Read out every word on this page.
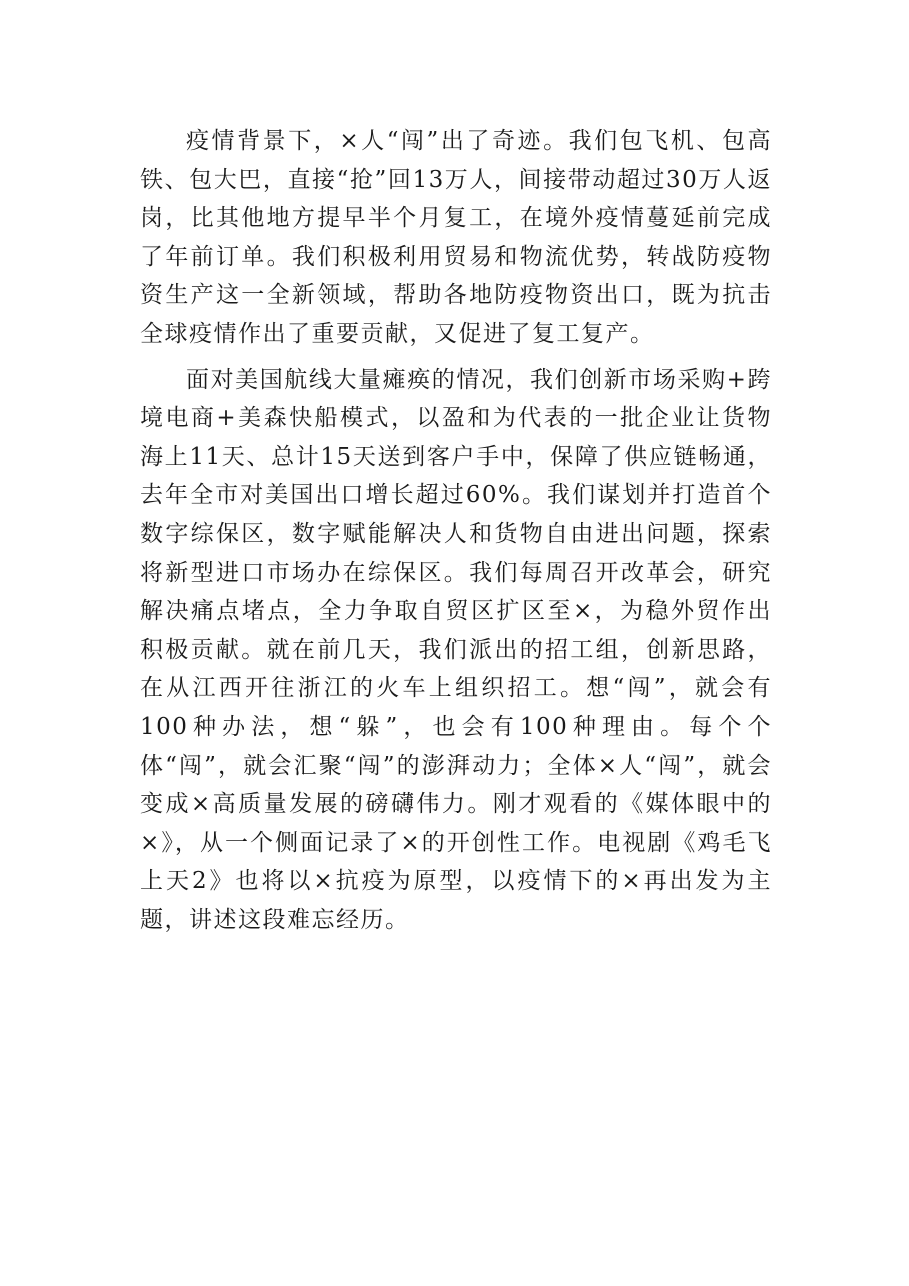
疫情背景下，×人“闯”出了奇迹。我们包飞机、包高铁、包大巴，直接“抢”回13万人，间接带动超过30万人返岗，比其他地方提早半个月复工，在境外疫情蔓延前完成了年前订单。我们积极利用贸易和物流优势，转战防疫物资生产这一全新领域，帮助各地防疫物资出口，既为抗击全球疫情作出了重要贡献，又促进了复工复产。

面对美国航线大量瘫痪的情况，我们创新市场采购+跨境电商+美森快船模式，以盈和为代表的一批企业让货物海上11天、总计15天送到客户手中，保障了供应链畅通，去年全市对美国出口增长超过60%。我们谋划并打造首个数字综保区，数字赋能解决人和货物自由进出问题，探索将新型进口市场办在综保区。我们每周召开改革会，研究解决痛点堵点，全力争取自贸区扩区至×，为稳外贸作出积极贡献。就在前几天，我们派出的招工组，创新思路，在从江西开往浙江的火车上组织招工。想“闯”，就会有100种办法，想“躲”，也会有100种理由。每个个体“闯”，就会汇聚“闯”的澎湃动力；全体×人“闯”，就会变成×高质量发展的磅礴伟力。刚才观看的《媒体眼中的×》，从一个侧面记录了×的开创性工作。电视剧《鸡毛飞上天2》也将以×抗疫为原型，以疫情下的×再出发为主题，讲述这段难忘经历。
